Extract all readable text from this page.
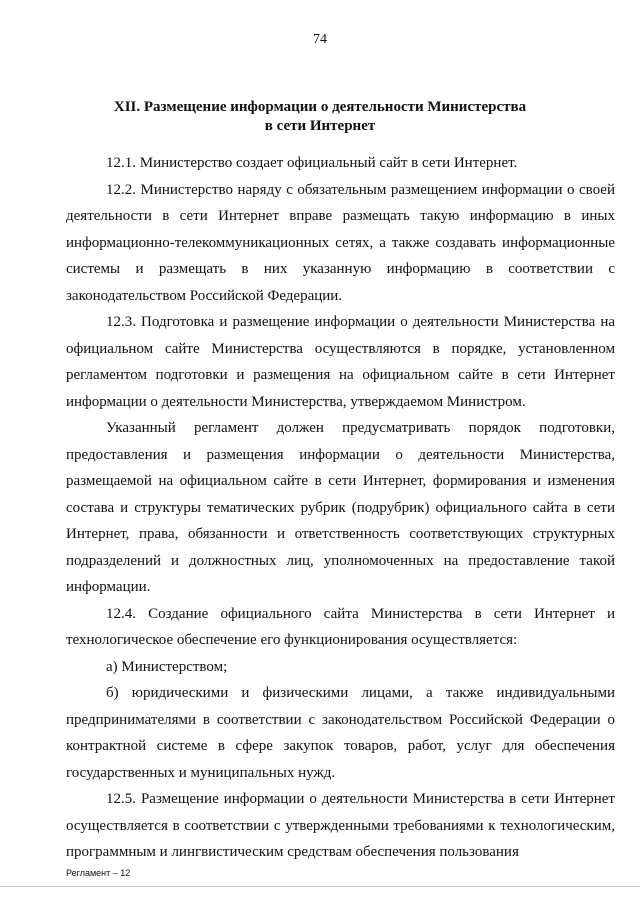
74
XII. Размещение информации о деятельности Министерства
в сети Интернет

12.1. Министерство создает официальный сайт в сети Интернет.

12.2. Министерство наряду с обязательным размещением информации о своей деятельности в сети Интернет вправе размещать такую информацию в иных информационно-телекоммуникационных сетях, а также создавать информационные системы и размещать в них указанную информацию в соответствии с законодательством Российской Федерации.

12.3. Подготовка и размещение информации о деятельности Министерства на официальном сайте Министерства осуществляются в порядке, установленном регламентом подготовки и размещения на официальном сайте в сети Интернет информации о деятельности Министерства, утверждаемом Министром.

Указанный регламент должен предусматривать порядок подготовки, предоставления и размещения информации о деятельности Министерства, размещаемой на официальном сайте в сети Интернет, формирования и изменения состава и структуры тематических рубрик (подрубрик) официального сайта в сети Интернет, права, обязанности и ответственность соответствующих структурных подразделений и должностных лиц, уполномоченных на предоставление такой информации.

12.4. Создание официального сайта Министерства в сети Интернет и технологическое обеспечение его функционирования осуществляется:

а) Министерством;

б) юридическими и физическими лицами, а также индивидуальными предпринимателями в соответствии с законодательством Российской Федерации о контрактной системе в сфере закупок товаров, работ, услуг для обеспечения государственных и муниципальных нужд.

12.5. Размещение информации о деятельности Министерства в сети Интернет осуществляется в соответствии с утвержденными требованиями к технологическим, программным и лингвистическим средствам обеспечения пользования

Регламент – 12
